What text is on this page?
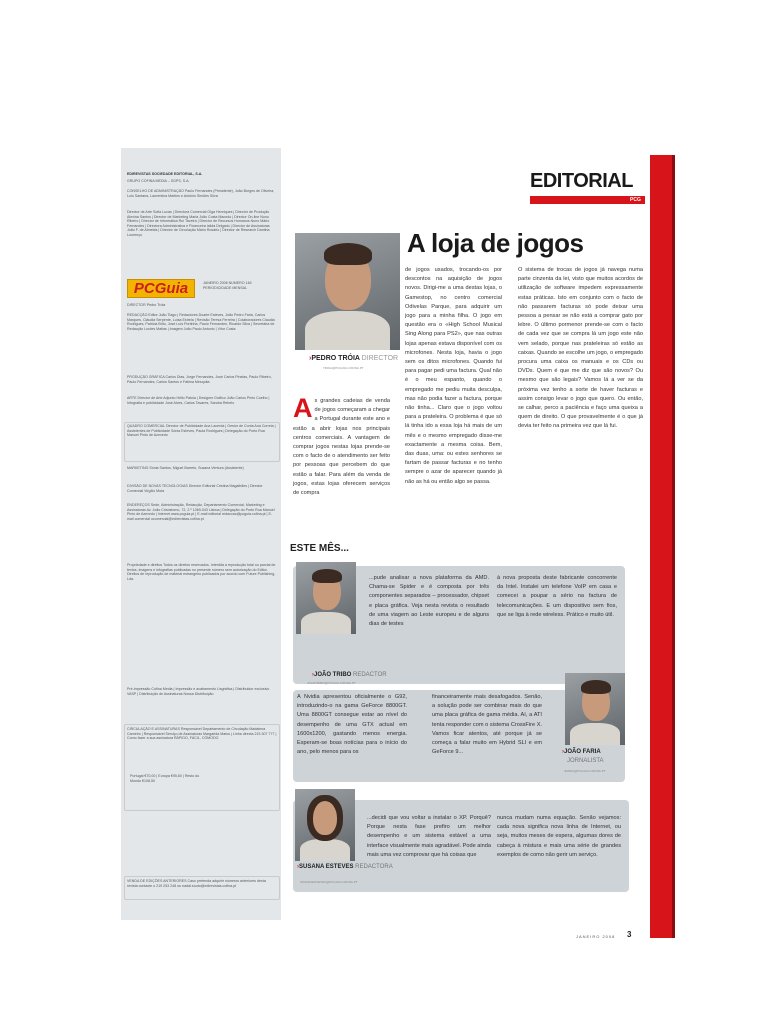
EDIREVISTAS SOCIEDADE EDITORIAL, S.A.

GRUPO COFINA MEDIA – SGPS, S.A.

CONSELHO DE ADMINISTRAÇÃO Paulo Fernandes (Presidente), João Borges de Oliveira, Luís Santana, Laurentina Martins e António Simões Silva

Director de Arte Sofia Lucas | Directora Comercial Olga Henriques | Director de Produção Alexina Santos | Director de Marketing Maria João Costa Macedo | Director On-line Nuno Ribeiro | Director de Informática Rui Taveira | Director de Recursos Humanos Nuno Mário Fernandes | Directora Administrativa e Financeira Isilda Delgado | Director de Assinaturas João F. de Almeida | Director de Circulação Mário Rosário | Director de Research Dantina Lourenço

PCGuia	JANEIRO 2008 NÚMERO 146 PERIODICIDADE MENSAL

DIRECTOR Pedro Tróia

REDACÇÃO Editor João Tiago | Redactores Duarte Esteves, João Pedro Faria, Carlos Marques, Cláudia Serpente, Luísa Estrela | Revisão Teresa Ferreira | Colaboradores Claudia Rodrigues, Patricia Brito, José Luís Portinha, Paulo Fernandes, Ricardo Silva | Secretária de Redacção Lurdes Matias | Imagem João Paulo Antonio | Vítor Costa

PRODUÇÃO GRÁFICA Carlos Dias, Jorge Fernandes, José Carlos Pinelas, Paulo Ribeiro, Paulo Fernandes, Carlos Santos e Fátima Mesquita

ARTE Director de Arte Adjunto Hélio Patola | Designer Gráfico João Carlos Pinto Coelho | Infografia e publicidade José Alves, Carlos Tavares, Sandra Rebelo

QUADRO COMERCIAL Director de Publicidade Ana Lacerda | Gestor de Conta Ana Correia | Assistentes de Publicidade Sónia Esteves, Paula Rodrigues | Delegação do Porto Rua Manuel Pinto de Azevedo

MARKETING Sónia Santos, Miguel Barreto, Susana Ventura (Assistente)

DIVISÃO DE NOVAS TECNOLOGIAS Director Editorial Cristina Magalhães | Director Comercial Virgílio Mota

ENDEREÇOS Sede, Administração, Redacção, Departamento Comercial, Marketing e Assinaturas Av. João Crisóstomo, 72, 2.º 1069-043 Lisboa | Delegação do Porto Rua Manuel Pinto de Azevedo | Internet www.pcguia.pt | E-mail editorial redaccao@pcguia.cofina.pt | E-mail comercial ocomercial@edirevistas.cofina.pt

Propriedade e direitos Todos os direitos reservados. Interdita a reprodução total ou parcial de textos, imagens e infografias publicadas no presente número sem autorização do Editor. Direitos de reprodução de material estrangeiro publicados por acordo com Future Publishing, Lda.

Pré-impressão Cofina Media | Impressão e acabamento Lisgráfica | Distribuidor exclusivo VASP | Distribuição de Assinaturas Nossa Distribuição

CIRCULAÇÃO E ASSINATURAS Responsável Departamento de Circulação Madalena Carneiro | Responsável Serviço de Assinaturas Margarida Matos | Linha directa 215 307 777 | Como fazer a sua assinatura RÁPIDO, FÁCIL, CÓMODO

Portugal €70,00 | Europa €95,60 | Resto do Mundo €108,50

VENDA DE EDIÇÕES ANTERIORES Caso pretenda adquirir números anteriores desta revista contacte o 219 253 248 ou nadal.souto@edirevistas.cofina.pt

EDITORIAL
PCG
›PEDRO TRÓIA DIRECTOR
TROIA@PCGUIA.COFINA.PT
A loja de jogos
A s grandes cadeias de venda de jogos começaram a chegar a Portugal durante este ano e estão a abrir lojas nos principais centros comerciais. A vantagem de comprar jogos nestas lojas prende-se com o facto de o atendimento ser feito por pessoas que percebem do que estão a falar. Para além da venda de jogos, estas lojas oferecem serviços de compra
de jogos usados, trocando-os por descontos na aquisição de jogos novos. Dirigi-me a uma destas lojas, o Gamestop, no centro comercial Odivelas Parque, para adquirir um jogo para a minha filha. O jogo em questão era o «High School Musical Sing Along para PS2», que nas outras lojas apenas estava disponível com os microfones. Nesta loja, havia o jogo sem os ditos microfones. Quando fui para pagar pedi uma factura. Qual não é o meu espanto, quando o empregado me pediu muita desculpa, mas não podia fazer a factura, porque não tinha... Claro que o jogo voltou para a prateleira. O problema é que só lá tinha ido a essa loja há mais de um mês e o mesmo empregado disse-me exactamente a mesma coisa. Bem, das duas, uma: ou estes senhores se fartam de passar facturas e no tenho sempre o azar de aparecer quando já não as há ou então algo se passa.
O sistema de trocas de jogos já navega numa parte cinzenta da lei, visto que muitos acordos de utilização de software impedem expressamente estas práticas. Isto em conjunto com o facto de não passarem facturas só pode deixar uma pessoa a pensar se não está a comprar gato por lebre. O último pormenor prende-se com o facto de cada vez que se compra lá um jogo este não vem selado, porque nas prateleiras só estão as caixas. Quando se escolhe um jogo, o empregado procura uma caixa os manuais e os CDs ou DVDs. Quem é que me diz que são novos? Ou mesmo que são legais? Vamos lá a ver se da próxima vez tenho a sorte de haver facturas e assim consigo levar o jogo que quero. Ou então, se calhar, perco a paciência e faço uma queixa a quem de direito. O que provavelmente é o que já devia ter feito na primeira vez que lá fui.
ESTE MÊS...
›JOÃO TRIBO REDACTOR
JOAOTRIBO@PCGUIA.COFINA.PT
...pude analisar a nova plataforma da AMD. Chama-se Spider e é composta por três componentes separados – processador, chipset e placa gráfica. Veja nesta revista o resultado de uma viagem ao Leste europeu e de alguns dias de testes
à nova proposta deste fabricante concorrente da Intel. Instalei um telefone VoIP em casa e comecei a poupar a sério na factura de telecomunicações. E um dispositivo sem fios, que se liga à rede wireless. Prático e muito útil.
A Nvidia apresentou oficialmente o G92, introduzindo-o na gama GeForce 8800GT. Uma 8800GT consegue estar ao nível do desempenho de uma GTX actual em 1600x1200, gastando menos energia. Esperam-se boas notícias para o início do ano, pelo menos para os
financeiramente mais desafogados. Senão, a solução pode ser combinar mais do que uma placa gráfica de gama média. Aí, a ATI tenta responder com o sistema CrossFire X. Vamos ficar atentos, até porque já se começa a falar muito em Hybrid SLI e em GeForce 9...	›JOÃO FARIA
JORNALISTA
JFARIA@PCGUIA.COFINA.PT
›SUSANA ESTEVES REDACTORA
SUSANAESTEVES@PCGUIA.COFINA.PT
...decidi que vou voltar a instalar o XP. Porquê? Porque nesta fase prefiro um melhor desempenho e um sistema estável a uma interface visualmente mais agradável. Pode ainda mais uma vez comprovar que há coisas que
nunca mudam numa equação. Senão vejamos: cada nova significa nova linha de Internet, ou seja, muitos meses de espera, algumas dores de cabeça à mistura e mais uma série de grandes exemplos de como não gerir um serviço.
JANEIRO 2008 3
